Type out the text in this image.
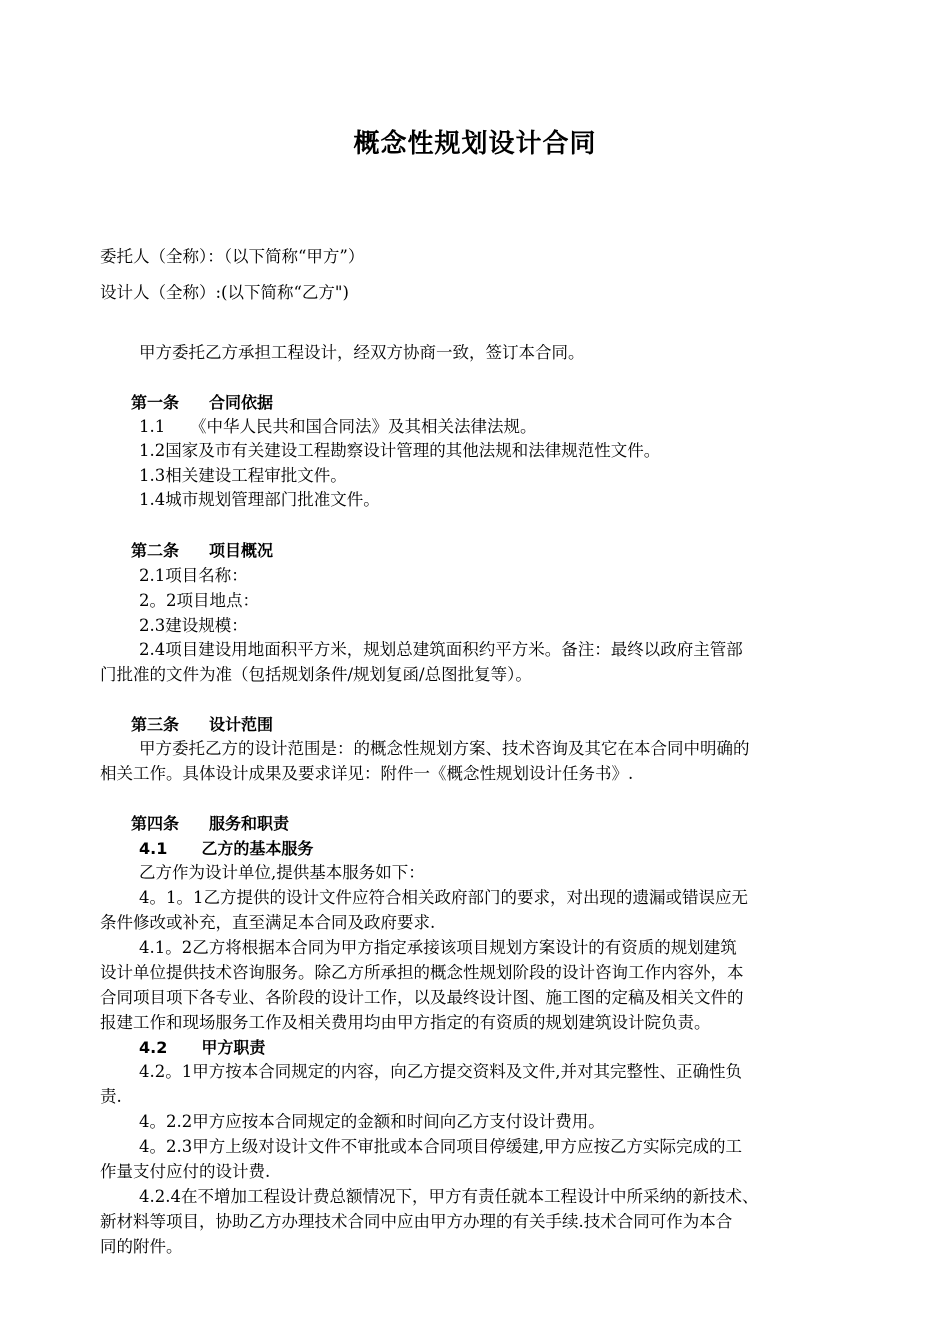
概念性规划设计合同
委托人（全称）：（以下简称“甲方”）
设计人（全称）:(以下简称“乙方")
甲方委托乙方承担工程设计，经双方协商一致，签订本合同。
第一条 合同依据
1.1　　《中华人民共和国合同法》及其相关法律法规。
1.2国家及市有关建设工程勘察设计管理的其他法规和法律规范性文件。
1.3相关建设工程审批文件。
1.4城市规划管理部门批准文件。
第二条 项目概况
2.1项目名称：
2。2项目地点：
2.3建设规模：
2.4项目建设用地面积平方米，规划总建筑面积约平方米。备注：最终以政府主管部
门批准的文件为准（包括规划条件/规划复函/总图批复等）。
第三条 设计范围
甲方委托乙方的设计范围是：的概念性规划方案、技术咨询及其它在本合同中明确的
相关工作。具体设计成果及要求详见：附件一《概念性规划设计任务书》.
第四条 服务和职责
4.1 乙方的基本服务
乙方作为设计单位,提供基本服务如下：
4。1。1乙方提供的设计文件应符合相关政府部门的要求，对出现的遗漏或错误应无
条件修改或补充，直至满足本合同及政府要求.
4.1。2乙方将根据本合同为甲方指定承接该项目规划方案设计的有资质的规划建筑
设计单位提供技术咨询服务。除乙方所承担的概念性规划阶段的设计咨询工作内容外，本
合同项目项下各专业、各阶段的设计工作，以及最终设计图、施工图的定稿及相关文件的
报建工作和现场服务工作及相关费用均由甲方指定的有资质的规划建筑设计院负责。
4.2 甲方职责
4.2。1甲方按本合同规定的内容，向乙方提交资料及文件,并对其完整性、正确性负
责.
4。2.2甲方应按本合同规定的金额和时间向乙方支付设计费用。
4。2.3甲方上级对设计文件不审批或本合同项目停缓建,甲方应按乙方实际完成的工
作量支付应付的设计费.
4.2.4在不增加工程设计费总额情况下，甲方有责任就本工程设计中所采纳的新技术、
新材料等项目，协助乙方办理技术合同中应由甲方办理的有关手续.技术合同可作为本合
同的附件。
